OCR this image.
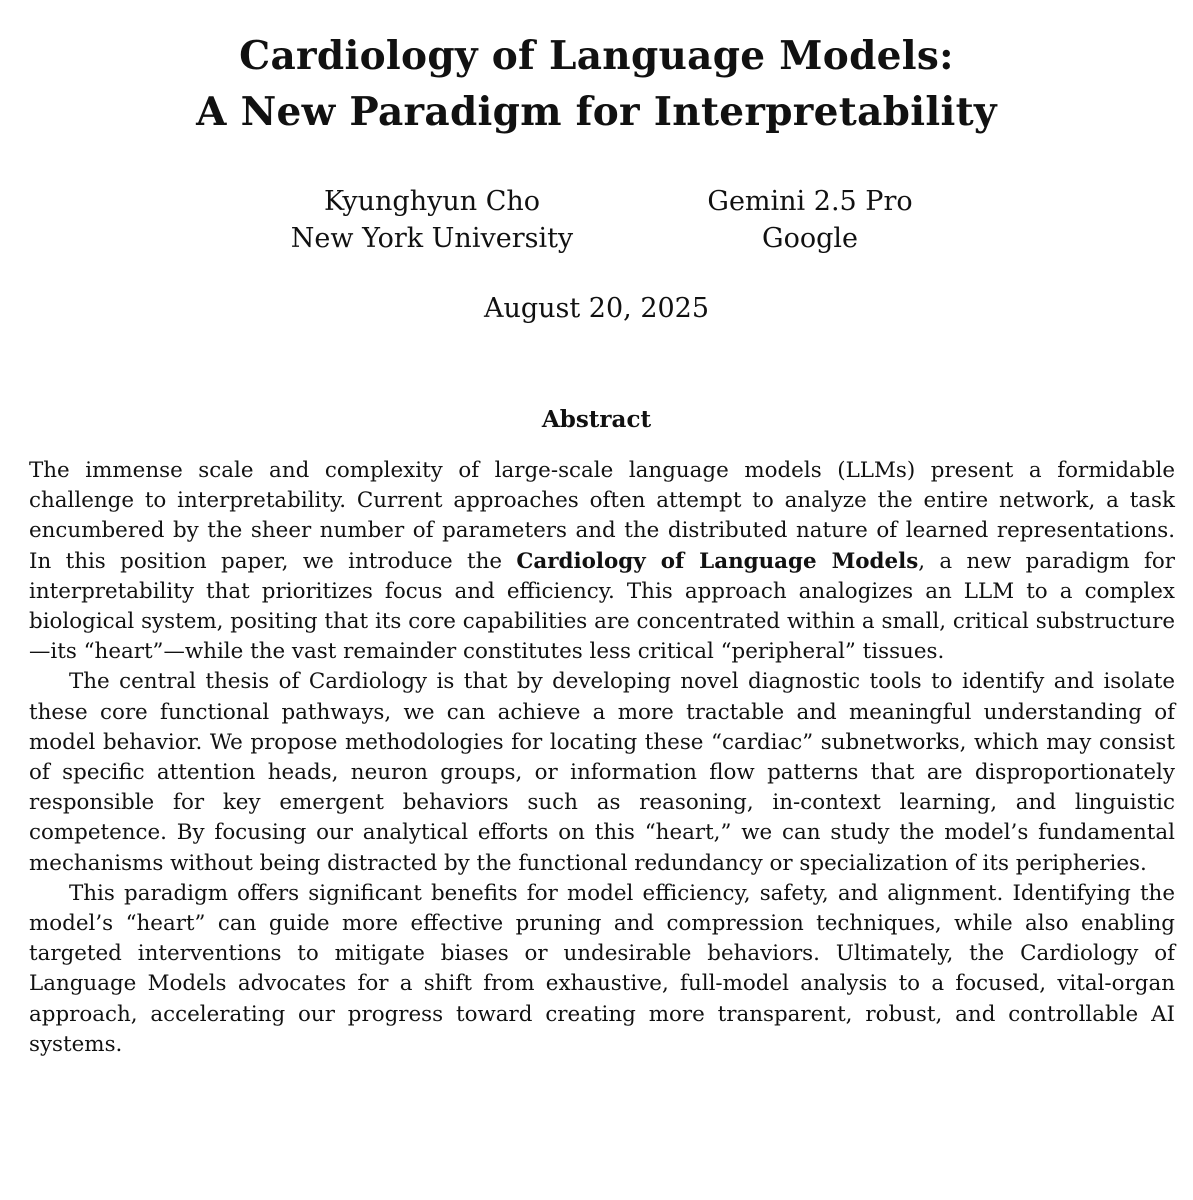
Cardiology of Language Models:
A New Paradigm for Interpretability
Kyunghyun Cho
New York University
Gemini 2.5 Pro
Google
August 20, 2025
Abstract

The immense scale and complexity of large-scale language models (LLMs) present a formidable challenge to interpretability. Current approaches often attempt to analyze the entire network, a task encumbered by the sheer number of parameters and the distributed nature of learned representations. In this position paper, we introduce the Cardiology of Language Models, a new paradigm for interpretability that prioritizes focus and efficiency. This approach analogizes an LLM to a complex biological system, positing that its core capabilities are concentrated within a small, critical substructure—its “heart”—while the vast remainder constitutes less critical “peripheral” tissues.

The central thesis of Cardiology is that by developing novel diagnostic tools to identify and isolate these core functional pathways, we can achieve a more tractable and meaningful understanding of model behavior. We propose methodologies for locating these “cardiac” subnetworks, which may consist of specific attention heads, neuron groups, or information flow patterns that are disproportionately responsible for key emergent behaviors such as reasoning, in-context learning, and linguistic competence. By focusing our analytical efforts on this “heart,” we can study the model’s fundamental mechanisms without being distracted by the functional redundancy or specialization of its peripheries.

This paradigm offers significant benefits for model efficiency, safety, and alignment. Identifying the model’s “heart” can guide more effective pruning and compression techniques, while also enabling targeted interventions to mitigate biases or undesirable behaviors. Ultimately, the Cardiology of Language Models advocates for a shift from exhaustive, full-model analysis to a focused, vital-organ approach, accelerating our progress toward creating more transparent, robust, and controllable AI systems.
